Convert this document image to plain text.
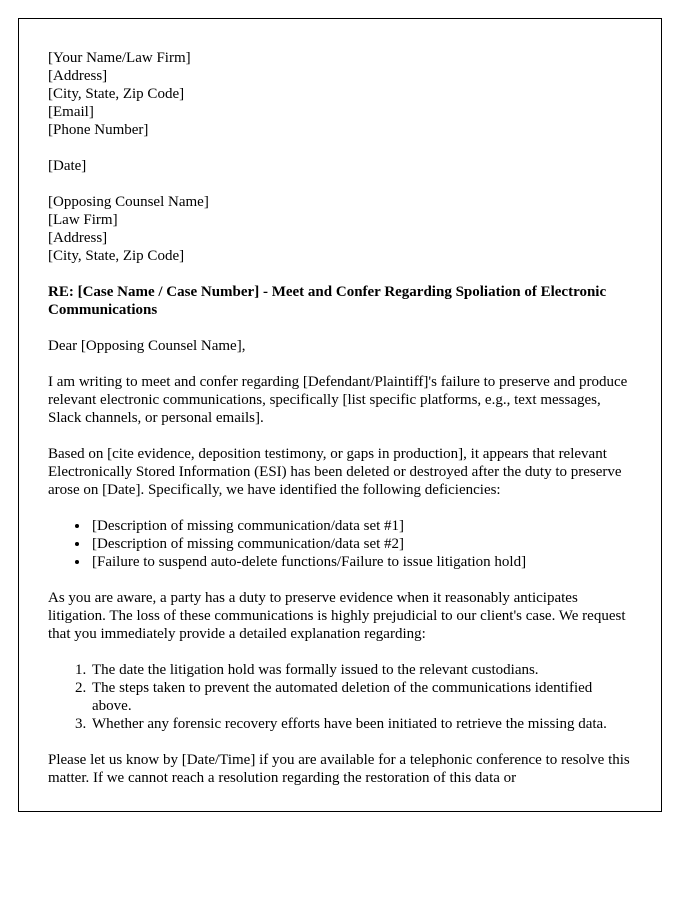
[Your Name/Law Firm]
[Address]
[City, State, Zip Code]
[Email]
[Phone Number]
[Date]
[Opposing Counsel Name]
[Law Firm]
[Address]
[City, State, Zip Code]

RE: [Case Name / Case Number] - Meet and Confer Regarding Spoliation of Electronic Communications

Dear [Opposing Counsel Name],

I am writing to meet and confer regarding [Defendant/Plaintiff]'s failure to preserve and produce relevant electronic communications, specifically [list specific platforms, e.g., text messages, Slack channels, or personal emails].

Based on [cite evidence, deposition testimony, or gaps in production], it appears that relevant Electronically Stored Information (ESI) has been deleted or destroyed after the duty to preserve arose on [Date]. Specifically, we have identified the following deficiencies:

• [Description of missing communication/data set #1]
• [Description of missing communication/data set #2]
• [Failure to suspend auto-delete functions/Failure to issue litigation hold]

As you are aware, a party has a duty to preserve evidence when it reasonably anticipates litigation. The loss of these communications is highly prejudicial to our client's case. We request that you immediately provide a detailed explanation regarding:

1. The date the litigation hold was formally issued to the relevant custodians.
2. The steps taken to prevent the automated deletion of the communications identified above.
3. Whether any forensic recovery efforts have been initiated to retrieve the missing data.

Please let us know by [Date/Time] if you are available for a telephonic conference to resolve this matter. If we cannot reach a resolution regarding the restoration of this data or
